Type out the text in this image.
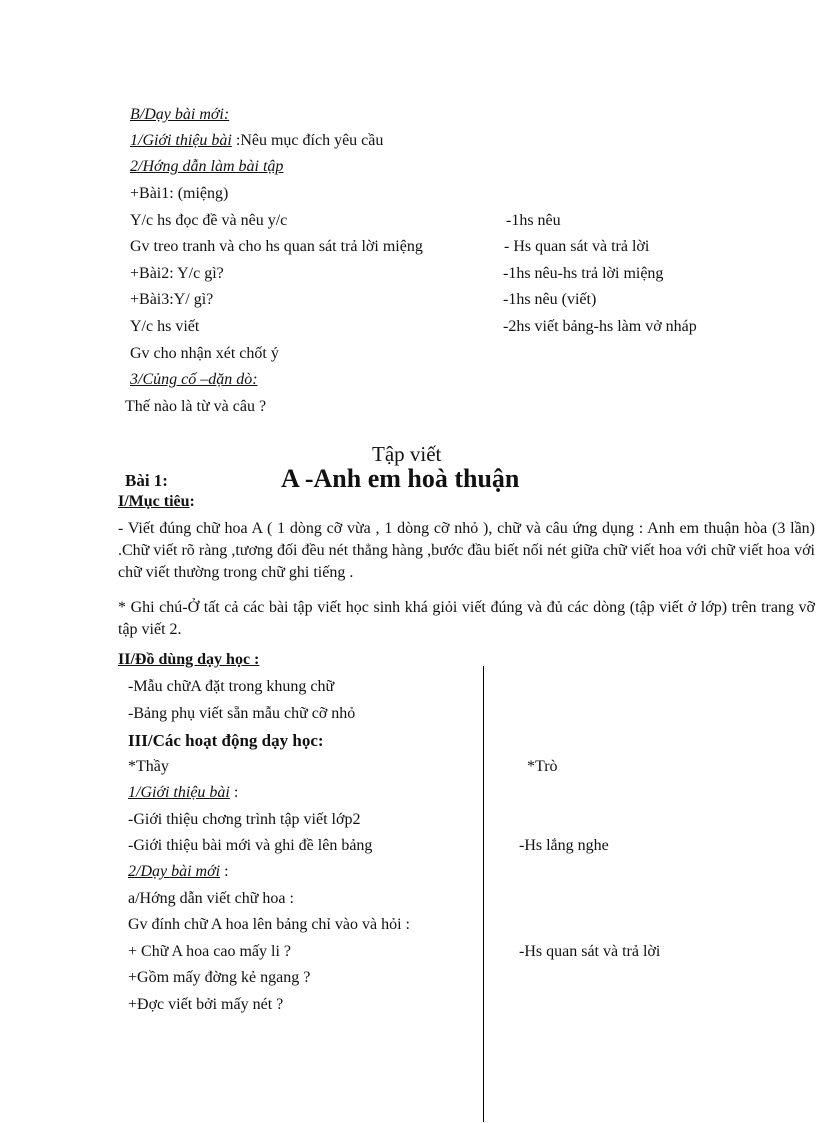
B/Dạy bài mới:
1/Giới thiệu bài :Nêu mục đích yêu cầu
2/Hớng dẫn làm bài tập
+Bài1: (miệng)
Y/c hs đọc đề và nêu y/c	-1hs nêu
Gv treo tranh và cho hs quan sát trả lời miệng	- Hs quan sát và trả lời
+Bài2: Y/c gì?	-1hs nêu-hs trả lời miệng
+Bài3:Y/ gì?	-1hs nêu (viết)
Y/c hs viết	-2hs viết bảng-hs làm vở nháp
Gv cho nhận xét chốt ý
3/Củng cố –dặn dò:
Thế nào là từ và câu ?
Tập viết
Bài 1:	A -Anh em hoà thuận
I/Mục tiêu:
- Viết đúng chữ hoa A ( 1 dòng cỡ vừa , 1 dòng cỡ nhỏ ), chữ và câu ứng dụng : Anh em thuận hòa (3 lần) .Chữ viết rõ ràng ,tương đối đều nét thẳng hàng ,bước đầu biết nối nét giữa chữ viết hoa với chữ viết hoa với chữ viết thường trong chữ ghi tiếng .
* Ghi chú-Ở tất cả các bài tập viết học sinh khá giỏi viết đúng và đủ các dòng (tập viết ở lớp) trên trang vỡ tập viết 2.
II/Đồ dùng dạy học :
-Mẫu chữA đặt trong khung chữ
-Bảng phụ viết sẵn mẫu chữ cỡ nhỏ
III/Các hoạt động dạy học:
*Thầy	*Trò
1/Giới thiệu bài :
-Giới thiệu chơng trình tập viết lớp2
-Giới thiệu bài mới và ghi đề lên bảng	-Hs lắng nghe
2/Dạy bài mới :
a/Hớng dẫn viết chữ hoa :
Gv đính chữ A hoa lên bảng chỉ vào và hỏi :
+ Chữ A hoa cao mấy li ?	-Hs quan sát và trả lời
+Gồm mấy đờng kẻ ngang ?
+Đợc viết bởi mấy nét ?
